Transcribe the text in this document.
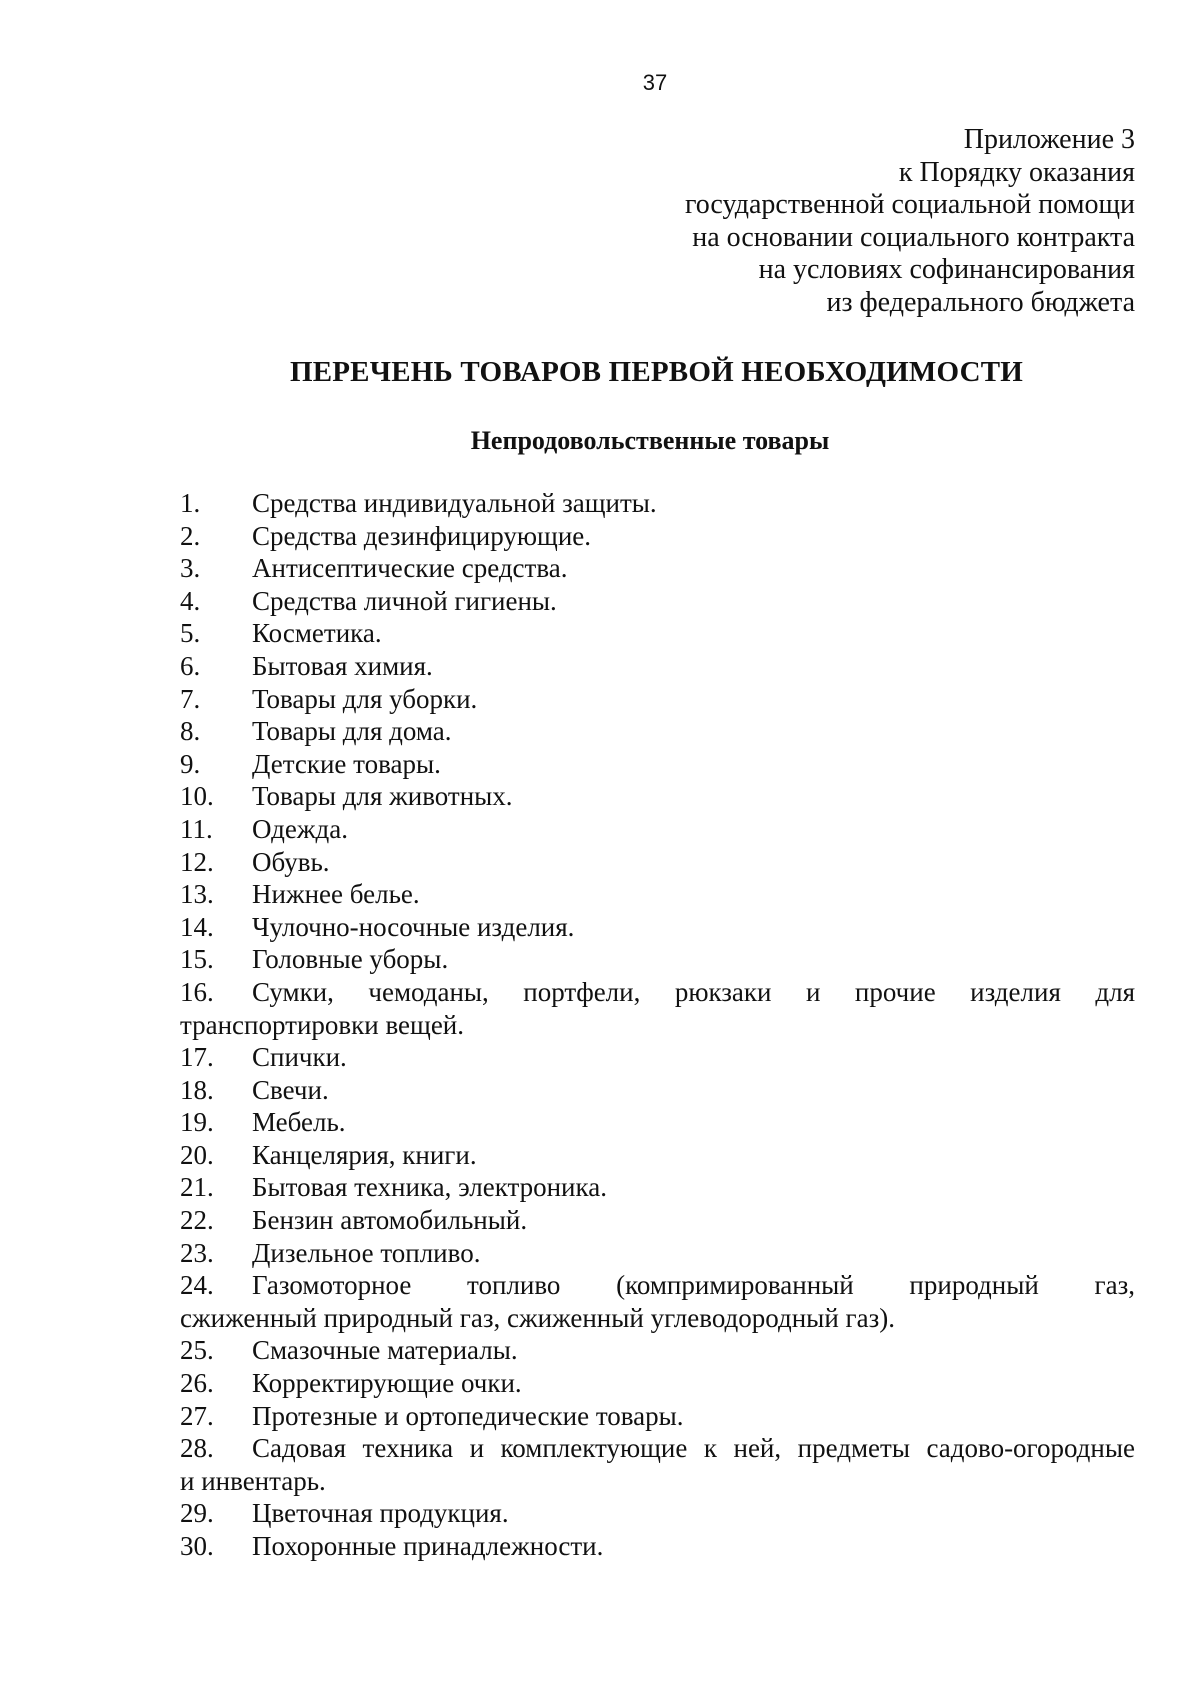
37
Приложение 3
к Порядку оказания
государственной социальной помощи
на основании социального контракта
на условиях софинансирования
из федерального бюджета
ПЕРЕЧЕНЬ ТОВАРОВ ПЕРВОЙ НЕОБХОДИМОСТИ
Непродовольственные товары
1. Средства индивидуальной защиты.
2. Средства дезинфицирующие.
3. Антисептические средства.
4. Средства личной гигиены.
5. Косметика.
6. Бытовая химия.
7. Товары для уборки.
8. Товары для дома.
9. Детские товары.
10. Товары для животных.
11. Одежда.
12. Обувь.
13. Нижнее белье.
14. Чулочно-носочные изделия.
15. Головные уборы.
16. Сумки, чемоданы, портфели, рюкзаки и прочие изделия для
транспортировки вещей.
17. Спички.
18. Свечи.
19. Мебель.
20. Канцелярия, книги.
21. Бытовая техника, электроника.
22. Бензин автомобильный.
23. Дизельное топливо.
24. Газомоторное топливо (компримированный природный газ,
сжиженный природный газ, сжиженный углеводородный газ).
25. Смазочные материалы.
26. Корректирующие очки.
27. Протезные и ортопедические товары.
28. Садовая техника и комплектующие к ней, предметы садово-огородные
и инвентарь.
29. Цветочная продукция.
30. Похоронные принадлежности.
